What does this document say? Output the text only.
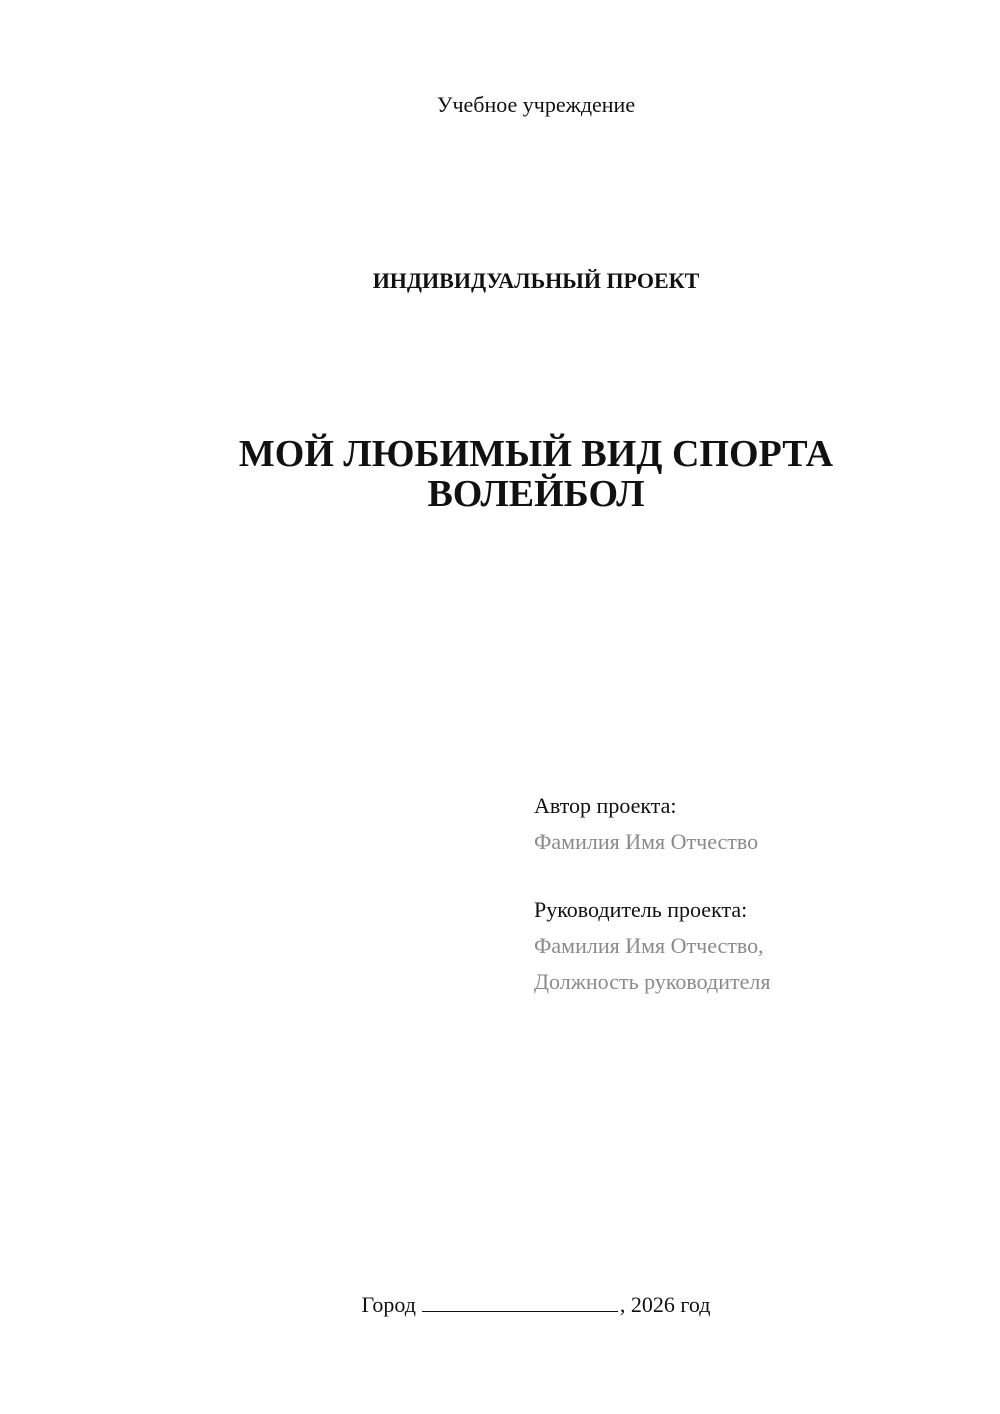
Учебное учреждение
ИНДИВИДУАЛЬНЫЙ ПРОЕКТ
МОЙ ЛЮБИМЫЙ ВИД СПОРТА
ВОЛЕЙБОЛ
Автор проекта:
Фамилия Имя Отчество
Руководитель проекта:
Фамилия Имя Отчество,
Должность руководителя
Город	, 2026 год
